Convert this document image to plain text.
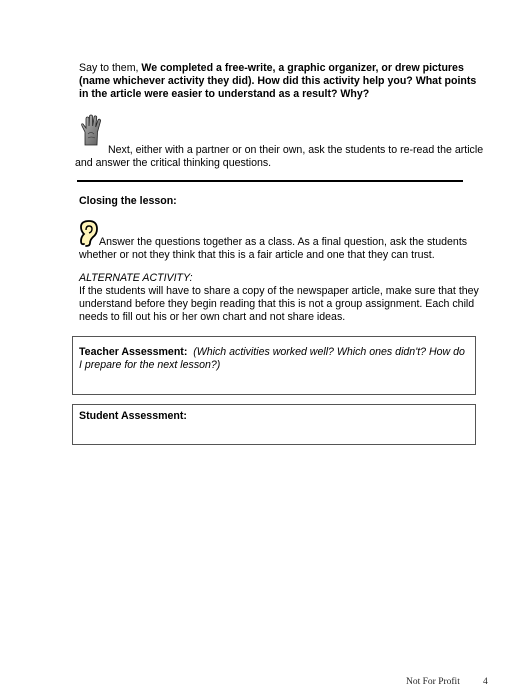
Say to them, We completed a free-write, a graphic organizer, or drew pictures (name whichever activity they did). How did this activity help you? What points in the article were easier to understand as a result? Why?

Next, either with a partner or on their own, ask the students to re-read the article and answer the critical thinking questions.

Closing the lesson:

Answer the questions together as a class. As a final question, ask the students whether or not they think that this is a fair article and one that they can trust.

ALTERNATE ACTIVITY:

If the students will have to share a copy of the newspaper article, make sure that they understand before they begin reading that this is not a group assignment. Each child needs to fill out his or her own chart and not share ideas.

Teacher Assessment: (Which activities worked well? Which ones didn't? How do I prepare for the next lesson?)

Student Assessment:

Not For Profit 4
